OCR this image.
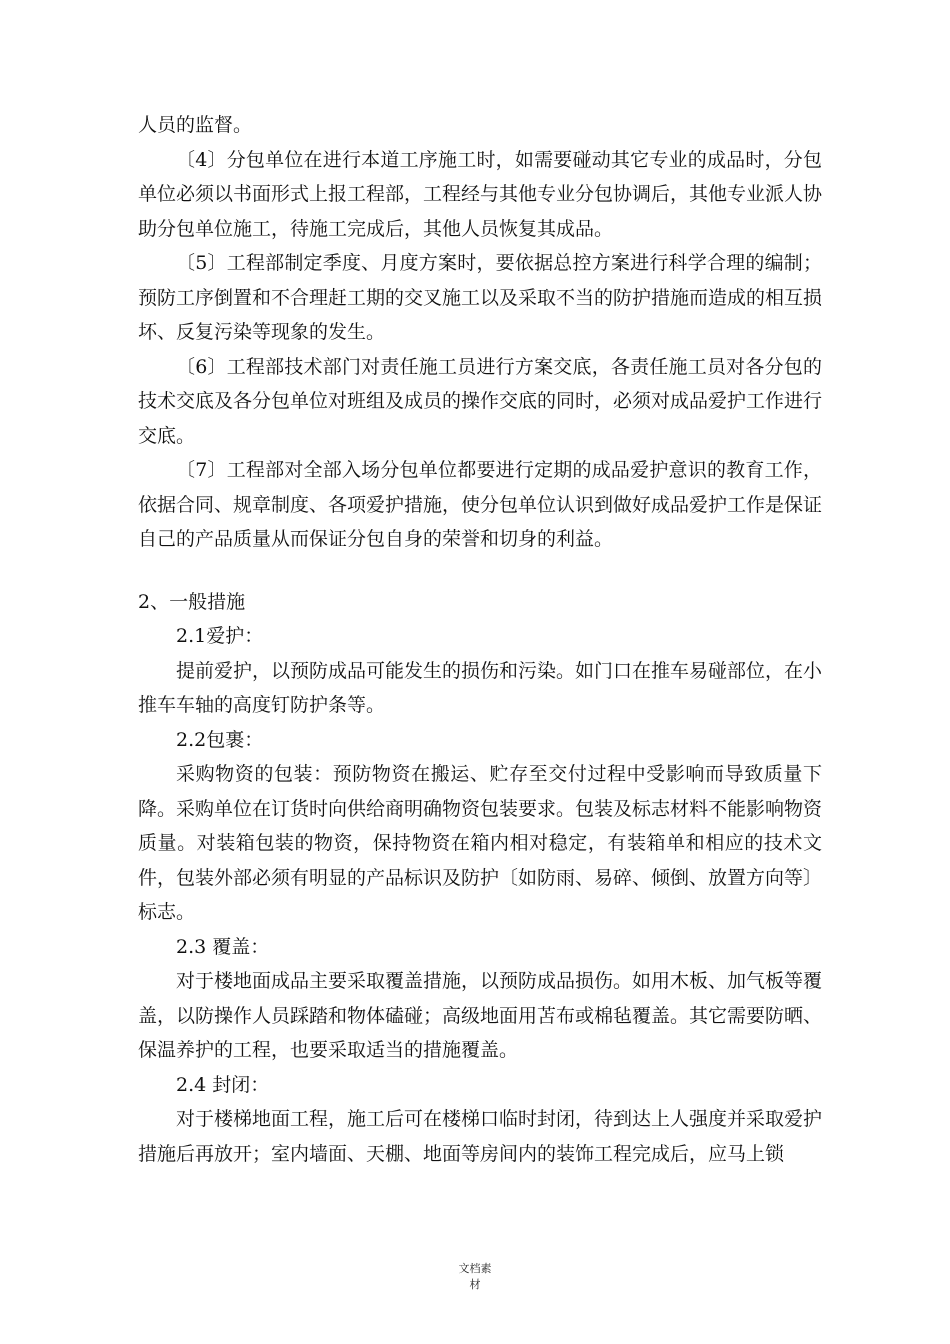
人员的监督。

〔4〕分包单位在进行本道工序施工时，如需要碰动其它专业的成品时，分包单位必须以书面形式上报工程部，工程经与其他专业分包协调后，其他专业派人协助分包单位施工，待施工完成后，其他人员恢复其成品。

〔5〕工程部制定季度、月度方案时，要依据总控方案进行科学合理的编制；预防工序倒置和不合理赶工期的交叉施工以及采取不当的防护措施而造成的相互损坏、反复污染等现象的发生。

〔6〕工程部技术部门对责任施工员进行方案交底，各责任施工员对各分包的技术交底及各分包单位对班组及成员的操作交底的同时，必须对成品爱护工作进行交底。

〔7〕工程部对全部入场分包单位都要进行定期的成品爱护意识的教育工作，依据合同、规章制度、各项爱护措施，使分包单位认识到做好成品爱护工作是保证自己的产品质量从而保证分包自身的荣誉和切身的利益。

2、一般措施

2.1爱护：

提前爱护，以预防成品可能发生的损伤和污染。如门口在推车易碰部位，在小推车车轴的高度钉防护条等。

2.2包裹：

采购物资的包装：预防物资在搬运、贮存至交付过程中受影响而导致质量下降。采购单位在订货时向供给商明确物资包装要求。包装及标志材料不能影响物资质量。对装箱包装的物资，保持物资在箱内相对稳定，有装箱单和相应的技术文件，包装外部必须有明显的产品标识及防护〔如防雨、易碎、倾倒、放置方向等〕标志。

2.3 覆盖：

对于楼地面成品主要采取覆盖措施，以预防成品损伤。如用木板、加气板等覆盖，以防操作人员踩踏和物体磕碰；高级地面用苫布或棉毡覆盖。其它需要防晒、保温养护的工程，也要采取适当的措施覆盖。

2.4 封闭：

对于楼梯地面工程，施工后可在楼梯口临时封闭，待到达上人强度并采取爱护措施后再放开；室内墙面、天棚、地面等房间内的装饰工程完成后，应马上锁

文档素
材
